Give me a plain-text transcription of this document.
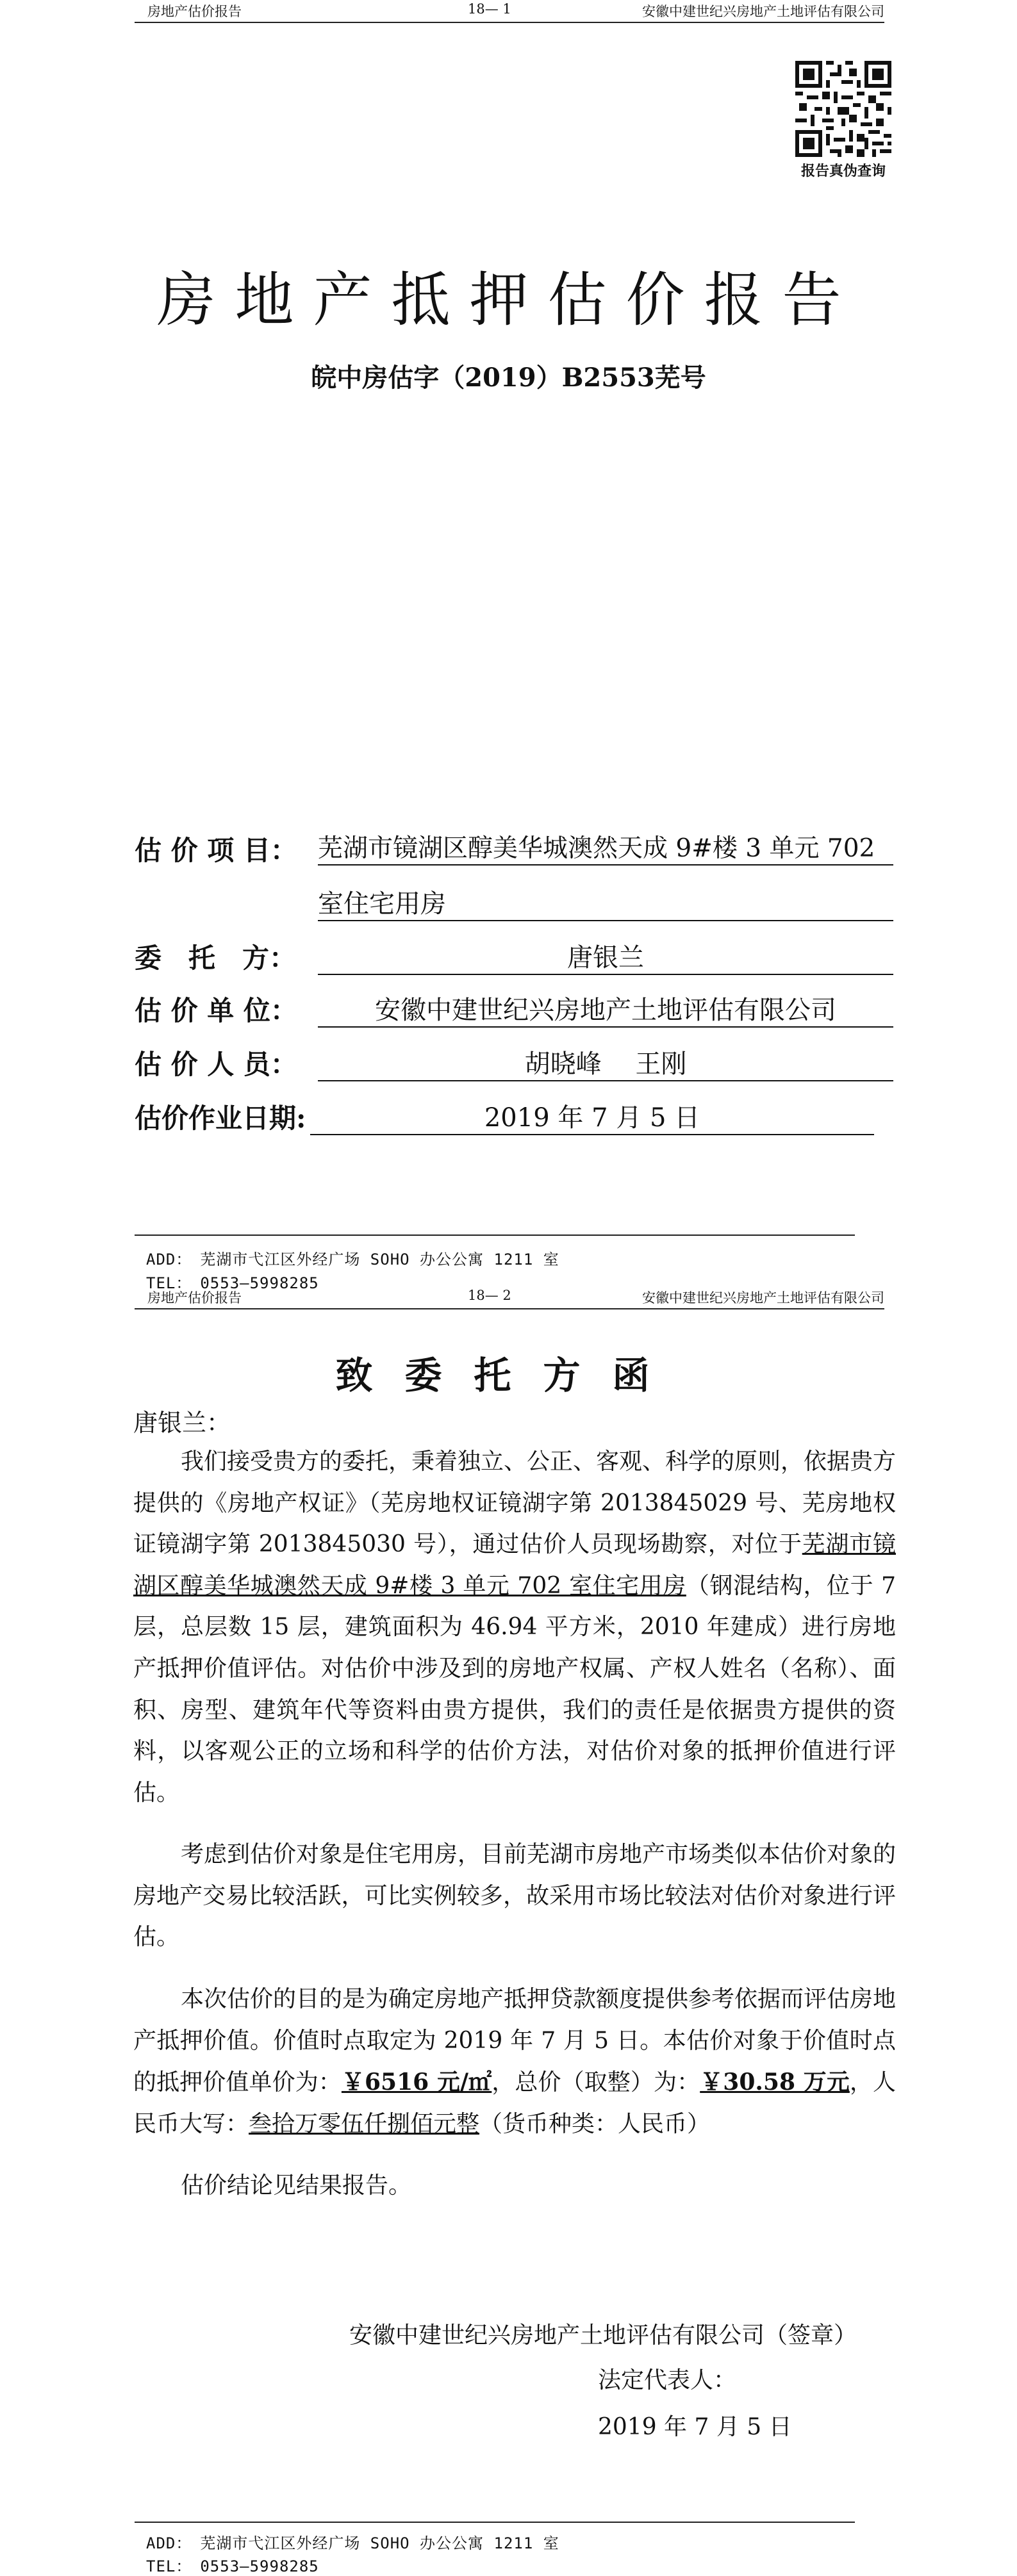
房地产估价报告	18— 1	安徽中建世纪兴房地产土地评估有限公司
报告真伪查询
房地产抵押估价报告
皖中房估字（2019）B2553芜号
估 价 项 目： 芜湖市镜湖区醇美华城澳然天成 9#楼 3 单元 702
室住宅用房
委　托　方：	唐银兰
估 价 单 位：	安徽中建世纪兴房地产土地评估有限公司
估 价 人 员：	胡晓峰　 王刚
估价作业日期:	2019 年 7 月 5 日
ADD：　芜湖市弋江区外经广场 SOHO 办公公寓 1211 室
TEL：　0553—5998285
房地产估价报告	18— 2	安徽中建世纪兴房地产土地评估有限公司
致委托方函
唐银兰：
我们接受贵方的委托，秉着独立、公正、客观、科学的原则，依据贵方提供的《房地产权证》（芜房地权证镜湖字第 2013845029 号、芜房地权证镜湖字第 2013845030 号），通过估价人员现场勘察，对位于芜湖市镜湖区醇美华城澳然天成 9#楼 3 单元 702 室住宅用房（钢混结构，位于 7 层，总层数 15 层，建筑面积为 46.94 平方米，2010 年建成）进行房地产抵押价值评估。对估价中涉及到的房地产权属、产权人姓名（名称）、面积、房型、建筑年代等资料由贵方提供，我们的责任是依据贵方提供的资料，以客观公正的立场和科学的估价方法，对估价对象的抵押价值进行评估。
考虑到估价对象是住宅用房，目前芜湖市房地产市场类似本估价对象的房地产交易比较活跃，可比实例较多，故采用市场比较法对估价对象进行评估。
本次估价的目的是为确定房地产抵押贷款额度提供参考依据而评估房地产抵押价值。价值时点取定为 2019 年 7 月 5 日。本估价对象于价值时点的抵押价值单价为：￥6516 元/㎡，总价（取整）为：￥30.58 万元，人民币大写：叁拾万零伍仟捌佰元整（货币种类：人民币）
估价结论见结果报告。
安徽中建世纪兴房地产土地评估有限公司（签章）
法定代表人：
2019 年 7 月 5 日
ADD：　芜湖市弋江区外经广场 SOHO 办公公寓 1211 室
TEL：　0553—5998285
